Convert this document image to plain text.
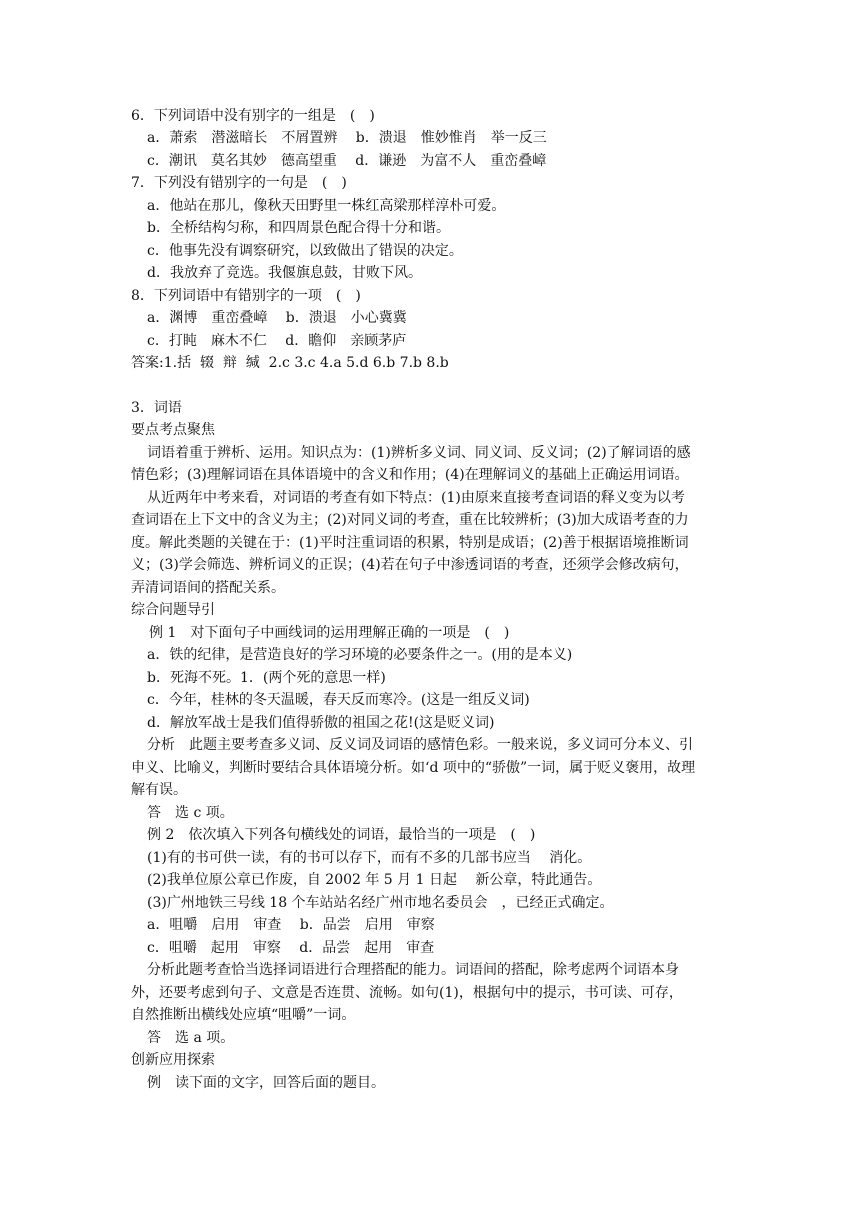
6．下列词语中没有别字的一组是　(　)
a．萧索　潜滋暗长　不屑置辨　 b．溃退　惟妙惟肖　举一反三
c．潮讯　莫名其妙　德高望重　 d．谦逊　为富不人　重峦叠嶂
7．下列没有错别字的一句是　(　)
a．他站在那儿，像秋天田野里一株红高梁那样淳朴可爱。
b．全桥结构匀称，和四周景色配合得十分和谐。
c．他事先没有调察研究，以致做出了错误的决定。
d．我放弃了竞选。我偃旗息鼓，甘败下风。
8．下列词语中有错别字的一项　(　)
a．渊博　重峦叠嶂　 b．溃退　小心冀冀
c．打盹　麻木不仁　 d．瞻仰　亲顾茅庐
答案:1.括  辍  辩  缄  2.c 3.c 4.a 5.d 6.b 7.b 8.b
3．词语
要点考点聚焦
词语着重于辨析、运用。知识点为：(1)辨析多义词、同义词、反义词；(2)了解词语的感
情色彩；(3)理解词语在具体语境中的含义和作用；(4)在理解词义的基础上正确运用词语。
从近两年中考来看，对词语的考查有如下特点：(1)由原来直接考查词语的释义变为以考
查词语在上下文中的含义为主；(2)对同义词的考查，重在比较辨析；(3)加大成语考查的力
度。解此类题的关键在于：(1)平时注重词语的积累，特别是成语；(2)善于根据语境推断词
义；(3)学会筛选、辨析词义的正误；(4)若在句子中渗透词语的考查，还须学会修改病句，
弄清词语间的搭配关系。
综合问题导引
例 1　对下面句子中画线词的运用理解正确的一项是　(　)
a．铁的纪律，是营造良好的学习环境的必要条件之一。(用的是本义)
b．死海不死。1．(两个死的意思一样)
c．今年，桂林的冬天温暖，春天反而寒冷。(这是一组反义词)
d．解放军战士是我们值得骄傲的祖国之花!(这是贬义词)
分析　此题主要考查多义词、反义词及词语的感情色彩。一般来说，多义词可分本义、引
申义、比喻义，判断时要结合具体语境分析。如‘d 项中的“骄傲”一词，属于贬义褒用，故理
解有误。
答　选 c 项。
例 2　依次填入下列各句横线处的词语，最恰当的一项是　(　)
(1)有的书可供一读，有的书可以存下，而有不多的几部书应当　 消化。
(2)我单位原公章已作废，自 2002 年 5 月 1 日起　 新公章，特此通告。
(3)广州地铁三号线 18 个车站站名经广州市地名委员会　，已经正式确定。
a．咀嚼　启用　审查　 b．品尝　启用　审察
c．咀嚼　起用　审察　 d．品尝　起用　审查
分析此题考查恰当选择词语进行合理搭配的能力。词语间的搭配，除考虑两个词语本身
外，还要考虑到句子、文意是否连贯、流畅。如句(1)，根据句中的提示，书可读、可存，
自然推断出横线处应填“咀嚼”一词。
答　选 a 项。
创新应用探索
例　读下面的文字，回答后面的题目。
